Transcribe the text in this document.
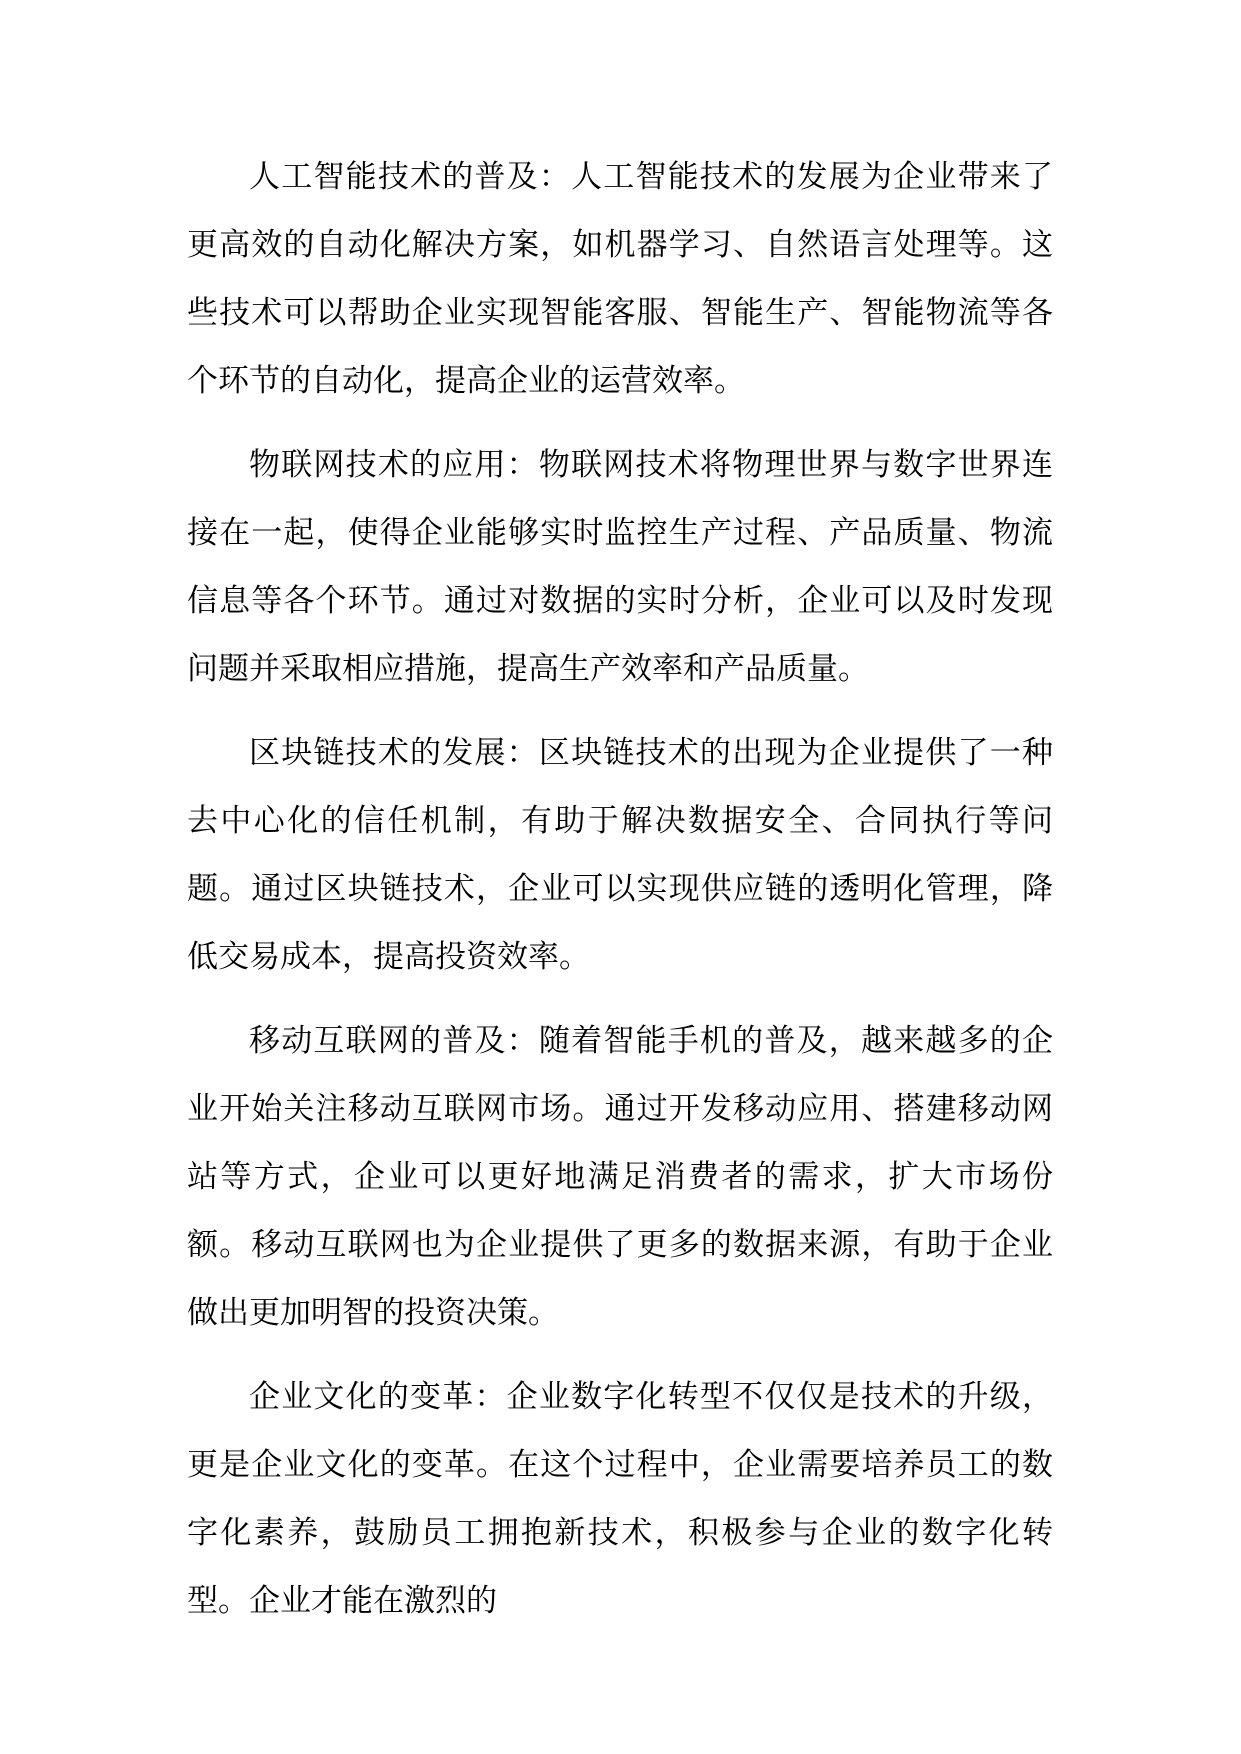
人工智能技术的普及：人工智能技术的发展为企业带来了更高效的自动化解决方案，如机器学习、自然语言处理等。这些技术可以帮助企业实现智能客服、智能生产、智能物流等各个环节的自动化，提高企业的运营效率。

物联网技术的应用：物联网技术将物理世界与数字世界连接在一起，使得企业能够实时监控生产过程、产品质量、物流信息等各个环节。通过对数据的实时分析，企业可以及时发现问题并采取相应措施，提高生产效率和产品质量。

区块链技术的发展：区块链技术的出现为企业提供了一种去中心化的信任机制，有助于解决数据安全、合同执行等问题。通过区块链技术，企业可以实现供应链的透明化管理，降低交易成本，提高投资效率。

移动互联网的普及：随着智能手机的普及，越来越多的企业开始关注移动互联网市场。通过开发移动应用、搭建移动网站等方式，企业可以更好地满足消费者的需求，扩大市场份额。移动互联网也为企业提供了更多的数据来源，有助于企业做出更加明智的投资决策。

企业文化的变革：企业数字化转型不仅仅是技术的升级，更是企业文化的变革。在这个过程中，企业需要培养员工的数字化素养，鼓励员工拥抱新技术，积极参与企业的数字化转型。企业才能在激烈的
